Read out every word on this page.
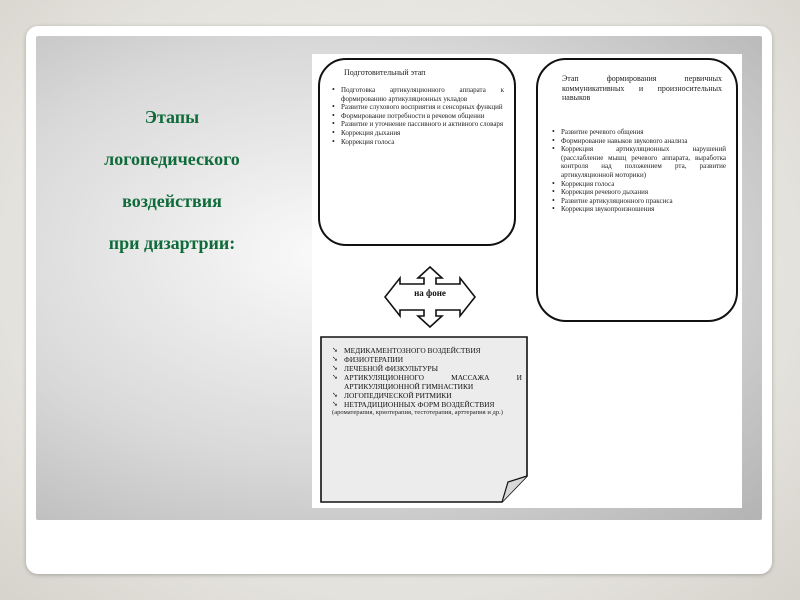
Этапы
логопедического
воздействия
при дизартрии:
Подготовительный этап
• Подготовка артикуляционного аппарата к формированию артикуляционных укладов
• Развитие слухового восприятия и сенсорных функций
• Формирование потребности в речевом общении
• Развитие и уточнение пассивного и активного словаря
• Коррекция дыхания
• Коррекция голоса
Этап формирования первичных коммуникативных и произносительных навыков
• Развитие речевого общения
• Формирование навыков звукового анализа
• Коррекция артикуляционных нарушений (расслабление мышц речевого аппарата, выработка контроля над положением рта, развитие артикуляционной моторики)
• Коррекция голоса
• Коррекция речевого дыхания
• Развитие артикуляционного праксиса
• Коррекция звукопроизношения
на фоне
➘ МЕДИКАМЕНТОЗНОГО ВОЗДЕЙСТВИЯ
➘ ФИЗИОТЕРАПИИ
➘ ЛЕЧЕБНОЙ ФИЗКУЛЬТУРЫ
➘ АРТИКУЛЯЦИОННОГО МАССАЖА И АРТИКУЛЯЦИОННОЙ ГИМНАСТИКИ
➘ ЛОГОПЕДИЧЕСКОЙ РИТМИКИ
➘ НЕТРАДИЦИОННЫХ ФОРМ ВОЗДЕЙСТВИЯ
(ароматерапия, криотерапия, тестотерапия, арттерапия и др.)
